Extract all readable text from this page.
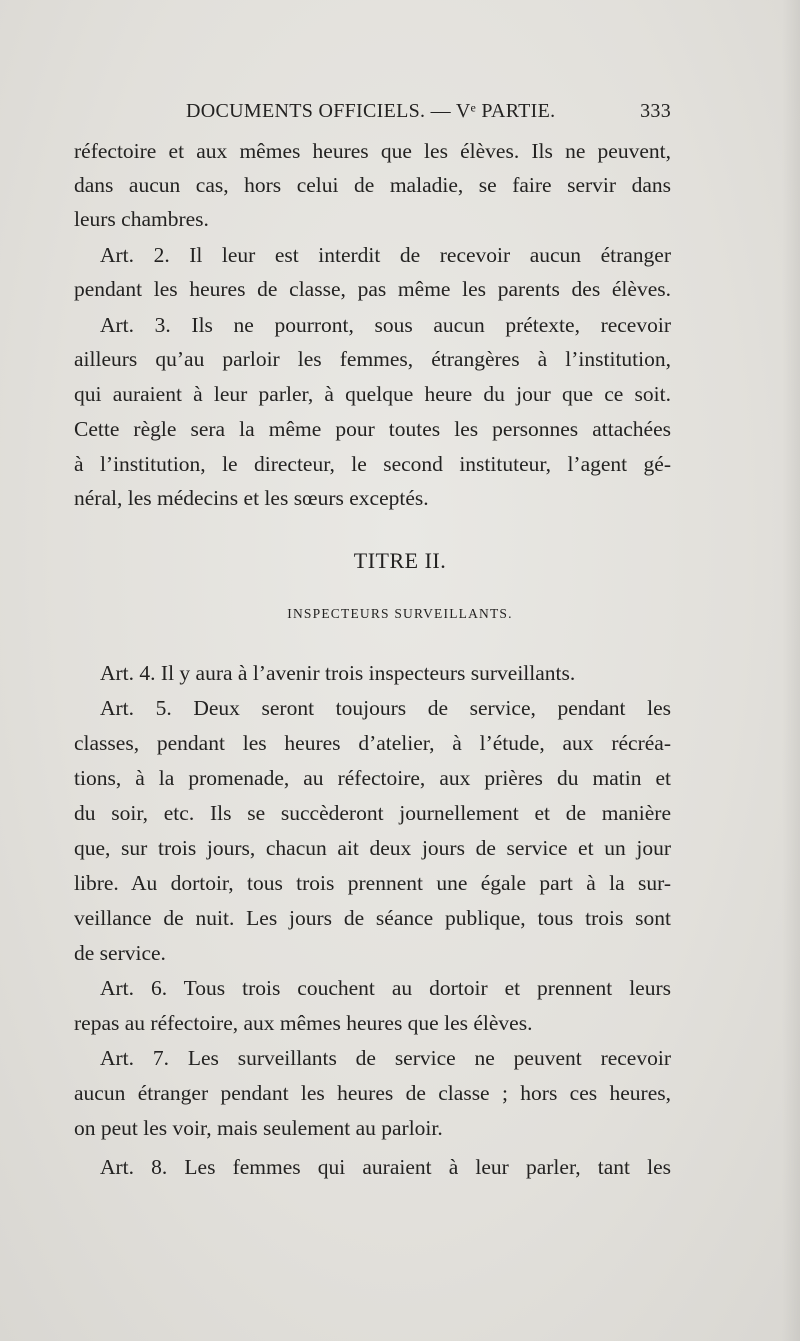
DOCUMENTS OFFICIELS. — Vᵉ PARTIE.	333
réfectoire et aux mêmes heures que les élèves. Ils ne peuvent,
dans aucun cas, hors celui de maladie, se faire servir dans
leurs chambres.
Art. 2. Il leur est interdit de recevoir aucun étranger
pendant les heures de classe, pas même les parents des élèves.
Art. 3. Ils ne pourront, sous aucun prétexte, recevoir
ailleurs qu’au parloir les femmes, étrangères à l’institution,
qui auraient à leur parler, à quelque heure du jour que ce soit.
Cette règle sera la même pour toutes les personnes attachées
à l’institution, le directeur, le second instituteur, l’agent gé-
néral, les médecins et les sœurs exceptés.
TITRE II.
INSPECTEURS SURVEILLANTS.
Art. 4. Il y aura à l’avenir trois inspecteurs surveillants.
Art. 5. Deux seront toujours de service, pendant les
classes, pendant les heures d’atelier, à l’étude, aux récréa-
tions, à la promenade, au réfectoire, aux prières du matin et
du soir, etc. Ils se succèderont journellement et de manière
que, sur trois jours, chacun ait deux jours de service et un jour
libre. Au dortoir, tous trois prennent une égale part à la sur-
veillance de nuit. Les jours de séance publique, tous trois sont
de service.
Art. 6. Tous trois couchent au dortoir et prennent leurs
repas au réfectoire, aux mêmes heures que les élèves.
Art. 7. Les surveillants de service ne peuvent recevoir
aucun étranger pendant les heures de classe ; hors ces heures,
on peut les voir, mais seulement au parloir.
Art. 8. Les femmes qui auraient à leur parler, tant les
